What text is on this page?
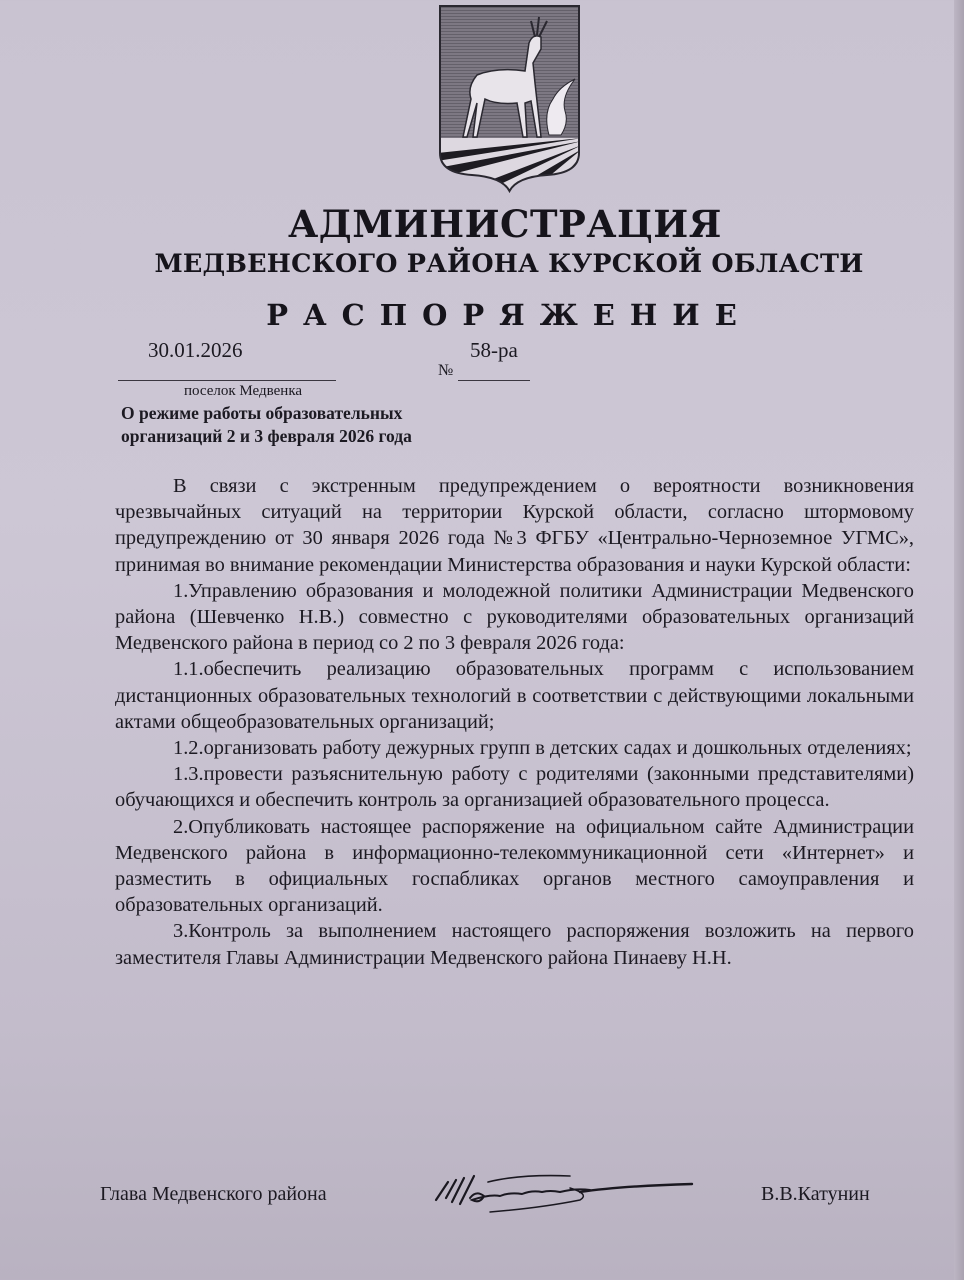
АДМИНИСТРАЦИЯ
МЕДВЕНСКОГО РАЙОНА КУРСКОЙ ОБЛАСТИ
РАСПОРЯЖЕНИЕ
30.01.2026	58-ра
№
поселок Медвенка
О режиме работы образовательных
организаций 2 и 3 февраля 2026 года

В связи с экстренным предупреждением о вероятности возникновения чрезвычайных ситуаций на территории Курской области, согласно штормовому предупреждению от 30 января 2026 года №3 ФГБУ «Центрально-Черноземное УГМС», принимая во внимание рекомендации Министерства образования и науки Курской области:

1.Управлению образования и молодежной политики Администрации Медвенского района (Шевченко Н.В.) совместно с руководителями образовательных организаций Медвенского района в период со 2 по 3 февраля 2026 года:

1.1.обеспечить реализацию образовательных программ с использованием дистанционных образовательных технологий в соответствии с действующими локальными актами общеобразовательных организаций;

1.2.организовать работу дежурных групп в детских садах и дошкольных отделениях;

1.3.провести разъяснительную работу с родителями (законными представителями) обучающихся и обеспечить контроль за организацией образовательного процесса.

2.Опубликовать настоящее распоряжение на официальном сайте Администрации Медвенского района в информационно-телекоммуникационной сети «Интернет» и разместить в официальных госпабликах органов местного самоуправления и образовательных организаций.

3.Контроль за выполнением настоящего распоряжения возложить на первого заместителя Главы Администрации Медвенского района Пинаеву Н.Н.

Глава Медвенского района	В.В.Катунин
